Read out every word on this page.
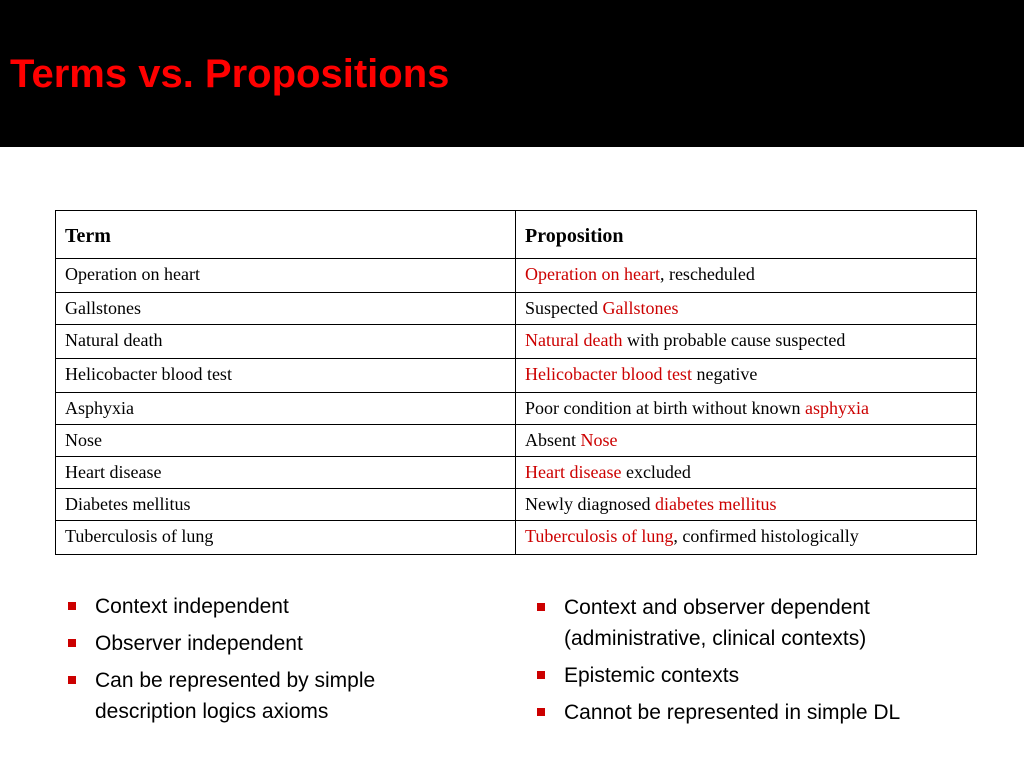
Terms vs. Propositions
Term	Proposition
Operation on heart	Operation on heart, rescheduled
Gallstones	Suspected Gallstones
Natural death	Natural death with probable cause suspected
Helicobacter blood test	Helicobacter blood test negative
Asphyxia	Poor condition at birth without known asphyxia
Nose	Absent Nose
Heart disease	Heart disease excluded
Diabetes mellitus	Newly diagnosed diabetes mellitus
Tuberculosis of lung	Tuberculosis of lung, confirmed histologically
Context independent
Observer independent
Can be represented by simple description logics axioms
Context and observer dependent (administrative, clinical contexts)
Epistemic contexts
Cannot be represented in simple DL
